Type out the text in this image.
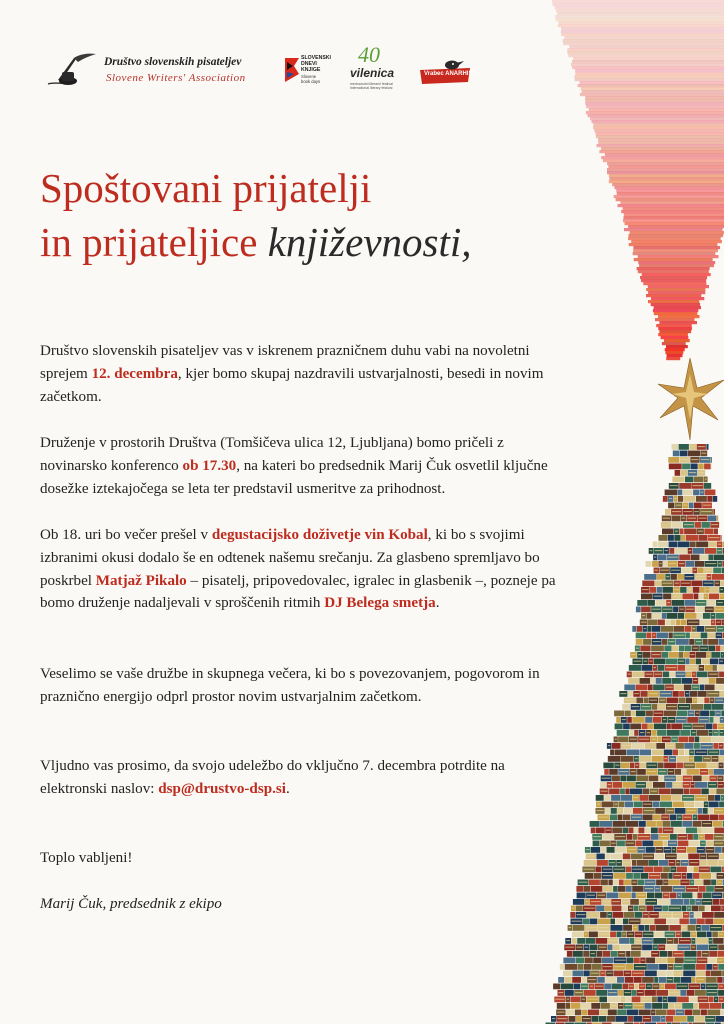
Društvo slovenskih pisateljev
Slovene Writers' Association
SLOVENSKI
DNEVI
KNJIGE
Slovene
book days
40
vilenica
mednarodni literarni festival
international literary festival
Vrabec ANARHIST
Spoštovani prijatelji
in prijateljice književnosti,

Društvo slovenskih pisateljev vas v iskrenem prazničnem duhu vabi na novoletni sprejem 12. decembra, kjer bomo skupaj nazdravili ustvarjalnosti, besedi in novim začetkom.

Druženje v prostorih Društva (Tomšičeva ulica 12, Ljubljana) bomo pričeli z novinarsko konferenco ob 17.30, na kateri bo predsednik Marij Čuk osvetlil ključne dosežke iztekajočega se leta ter predstavil usmeritve za prihodnost.

Ob 18. uri bo večer prešel v degustacijsko doživetje vin Kobal, ki bo s svojimi izbranimi okusi dodalo še en odtenek našemu srečanju. Za glasbeno spremljavo bo poskrbel Matjaž Pikalo – pisatelj, pripovedovalec, igralec in glasbenik –, pozneje pa bomo druženje nadaljevali v sproščenih ritmih DJ Belega smetja.

Veselimo se vaše družbe in skupnega večera, ki bo s povezovanjem, pogovorom in praznično energijo odprl prostor novim ustvarjalnim začetkom.

Vljudno vas prosimo, da svojo udeležbo do vključno 7. decembra potrdite na elektronski naslov: dsp@drustvo-dsp.si.

Toplo vabljeni!

Marij Čuk, predsednik z ekipo
